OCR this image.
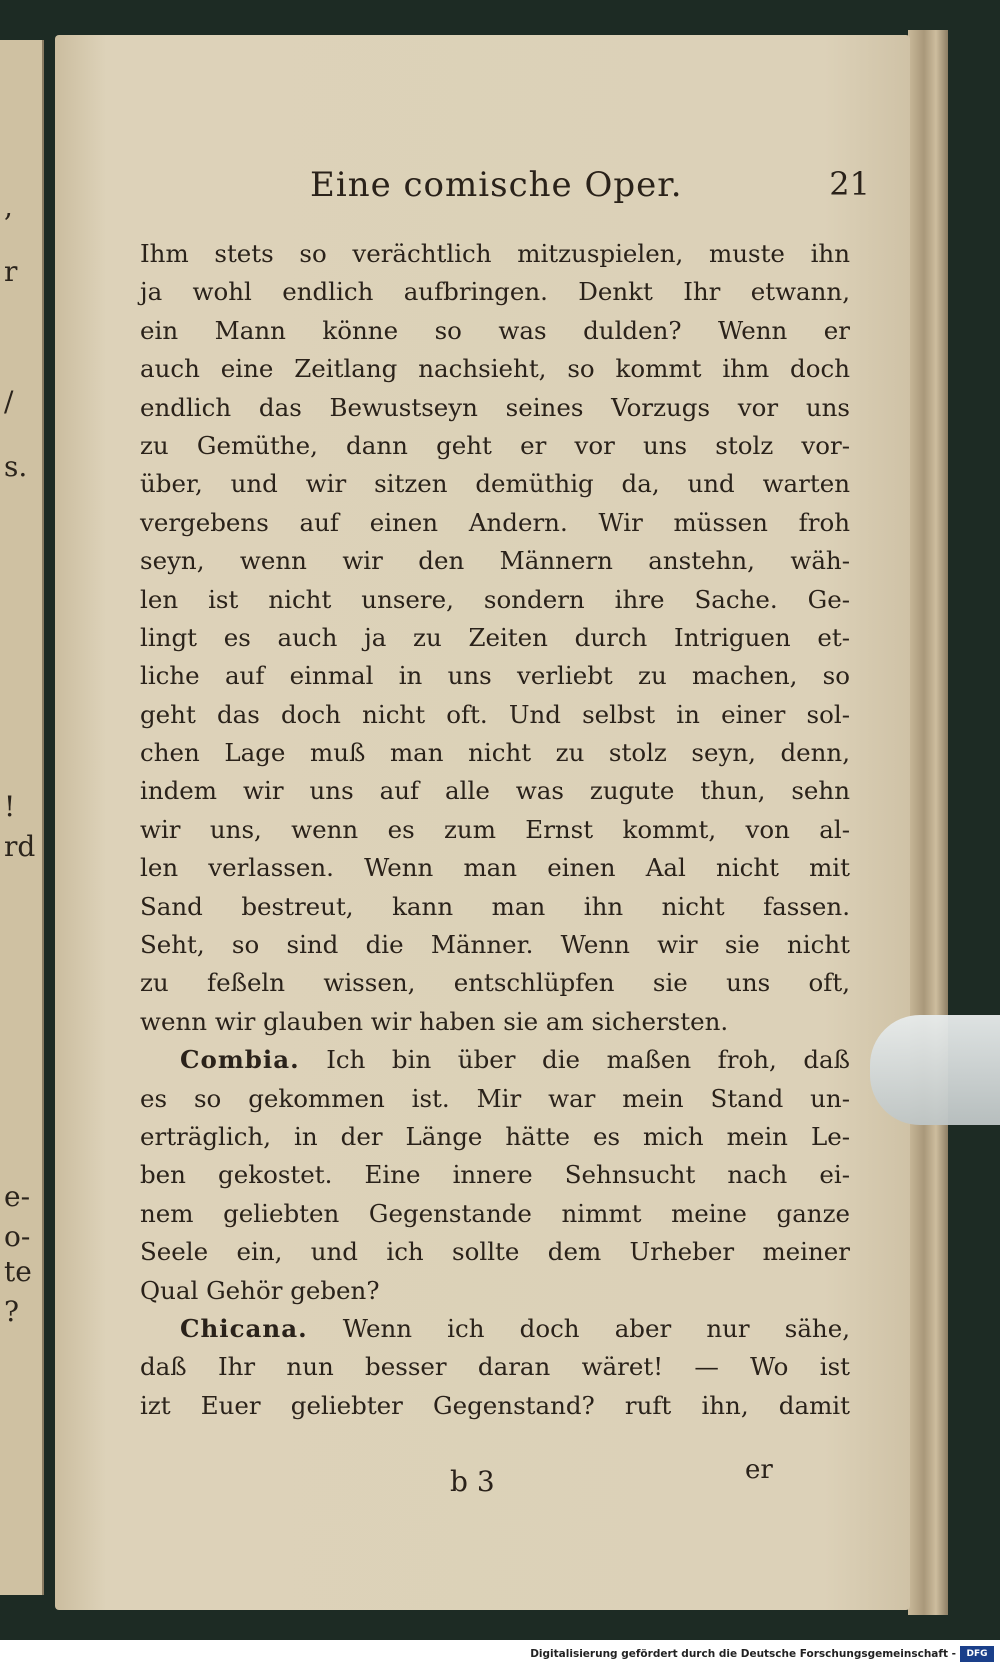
,
r
/
s.
!
rd
e-
o-
te
?
Eine comische Oper.	21
Ihm stets so verächtlich mitzuspielen, muste ihn
ja wohl endlich aufbringen. Denkt Ihr etwann,
ein Mann könne so was dulden? Wenn er
auch eine Zeitlang nachsieht, so kommt ihm doch
endlich das Bewustseyn seines Vorzugs vor uns
zu Gemüthe, dann geht er vor uns stolz vor-
über, und wir sitzen demüthig da, und warten
vergebens auf einen Andern. Wir müssen froh
seyn, wenn wir den Männern anstehn, wäh-
len ist nicht unsere, sondern ihre Sache. Ge-
lingt es auch ja zu Zeiten durch Intriguen et-
liche auf einmal in uns verliebt zu machen, so
geht das doch nicht oft. Und selbst in einer sol-
chen Lage muß man nicht zu stolz seyn, denn,
indem wir uns auf alle was zugute thun, sehn
wir uns, wenn es zum Ernst kommt, von al-
len verlassen. Wenn man einen Aal nicht mit
Sand bestreut, kann man ihn nicht fassen.
Seht, so sind die Männer. Wenn wir sie nicht
zu feßeln wissen, entschlüpfen sie uns oft,
wenn wir glauben wir haben sie am sichersten.
Combia. Ich bin über die maßen froh, daß
es so gekommen ist. Mir war mein Stand un-
erträglich, in der Länge hätte es mich mein Le-
ben gekostet. Eine innere Sehnsucht nach ei-
nem geliebten Gegenstande nimmt meine ganze
Seele ein, und ich sollte dem Urheber meiner
Qual Gehör geben?
Chicana. Wenn ich doch aber nur sähe,
daß Ihr nun besser daran wäret! — Wo ist
izt Euer geliebter Gegenstand? ruft ihn, damit
b 3	er
Digitalisierung gefördert durch die Deutsche Forschungsgemeinschaft -	DFG
